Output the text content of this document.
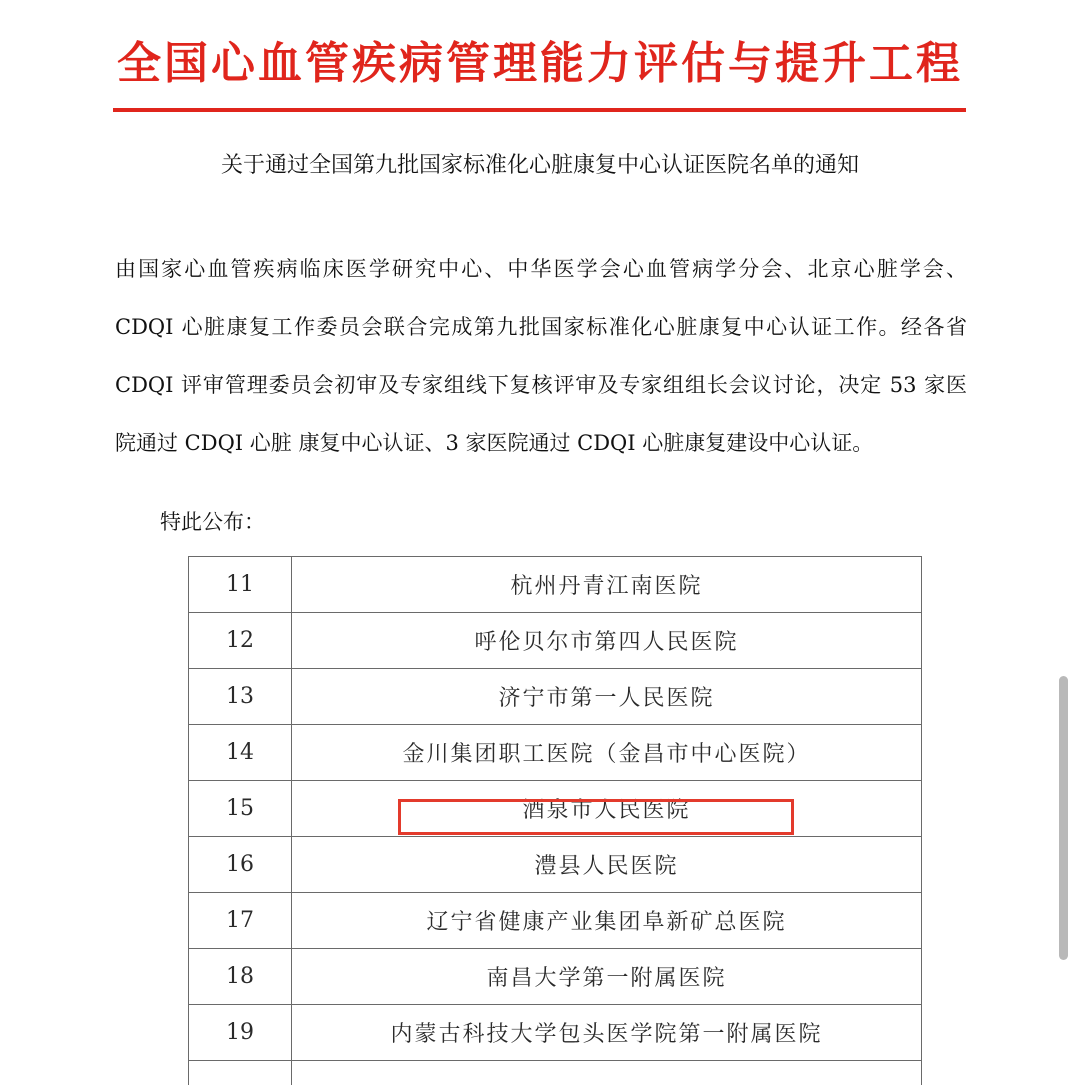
全国心血管疾病管理能力评估与提升工程
关于通过全国第九批国家标准化心脏康复中心认证医院名单的通知
由国家心血管疾病临床医学研究中心、中华医学会心血管病学分会、北京心脏学会、
CDQI 心脏康复工作委员会联合完成第九批国家标准化心脏康复中心认证工作。经各省
CDQI 评审管理委员会初审及专家组线下复核评审及专家组组长会议讨论，决定 53 家医
院通过 CDQI 心脏 康复中心认证、3 家医院通过 CDQI 心脏康复建设中心认证。
特此公布：
11	杭州丹青江南医院
12	呼伦贝尔市第四人民医院
13	济宁市第一人民医院
14	金川集团职工医院（金昌市中心医院）
15	酒泉市人民医院
16	澧县人民医院
17	辽宁省健康产业集团阜新矿总医院
18	南昌大学第一附属医院
19	内蒙古科技大学包头医学院第一附属医院
